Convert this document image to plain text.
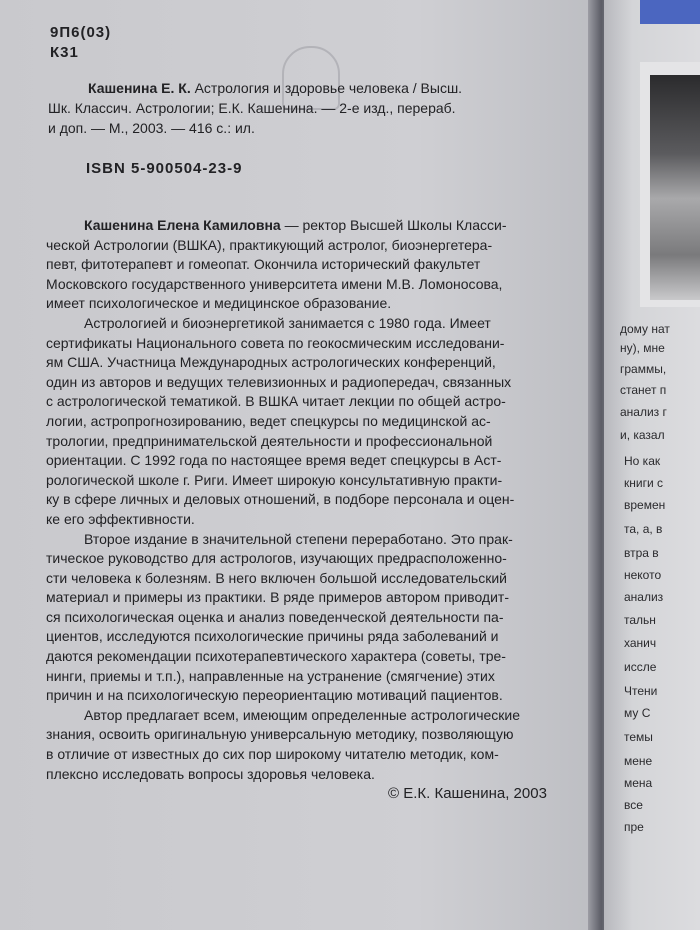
9П6(03)
К31
Кашенина Е. К. Астрология и здоровье человека / Высш.
Шк. Классич. Астрологии; Е.К. Кашенина. — 2-е изд., перераб.
и доп. — М., 2003. — 416 с.: ил.
ISBN 5-900504-23-9
Кашенина Елена Камиловна — ректор Высшей Школы Класси-
ческой Астрологии (ВШКА), практикующий астролог, биоэнергетера-
певт, фитотерапевт и гомеопат. Окончила исторический факультет
Московского государственного университета имени М.В. Ломоносова,
имеет психологическое и медицинское образование.
Астрологией и биоэнергетикой занимается с 1980 года. Имеет
сертификаты Национального совета по геокосмическим исследовани-
ям США. Участница Международных астрологических конференций,
один из авторов и ведущих телевизионных и радиопередач, связанных
с астрологической тематикой. В ВШКА читает лекции по общей астро-
логии, астропрогнозированию, ведет спецкурсы по медицинской ас-
трологии, предпринимательской деятельности и профессиональной
ориентации. С 1992 года по настоящее время ведет спецкурсы в Аст-
рологической школе г. Риги. Имеет широкую консультативную практи-
ку в сфере личных и деловых отношений, в подборе персонала и оцен-
ке его эффективности.
Второе издание в значительной степени переработано. Это прак-
тическое руководство для астрологов, изучающих предрасположенно-
сти человека к болезням. В него включен большой исследовательский
материал и примеры из практики. В ряде примеров автором приводит-
ся психологическая оценка и анализ поведенческой деятельности па-
циентов, исследуются психологические причины ряда заболеваний и
даются рекомендации психотерапевтического характера (советы, тре-
нинги, приемы и т.п.), направленные на устранение (смягчение) этих
причин и на психологическую переориентацию мотиваций пациентов.
Автор предлагает всем, имеющим определенные астрологические
знания, освоить оригинальную универсальную методику, позволяющую
в отличие от известных до сих пор широкому читателю методик, ком-
плексно исследовать вопросы здоровья человека.
© Е.К. Кашенина, 2003
дому нат
ну), мне
граммы,
станет п
анализ г
и, казал
Но как
книги с
времен
та, а, в
втра в
некото
анализ
тальн
ханич
иссле
Чтени
му С
темы
мене
мена
все
пре
